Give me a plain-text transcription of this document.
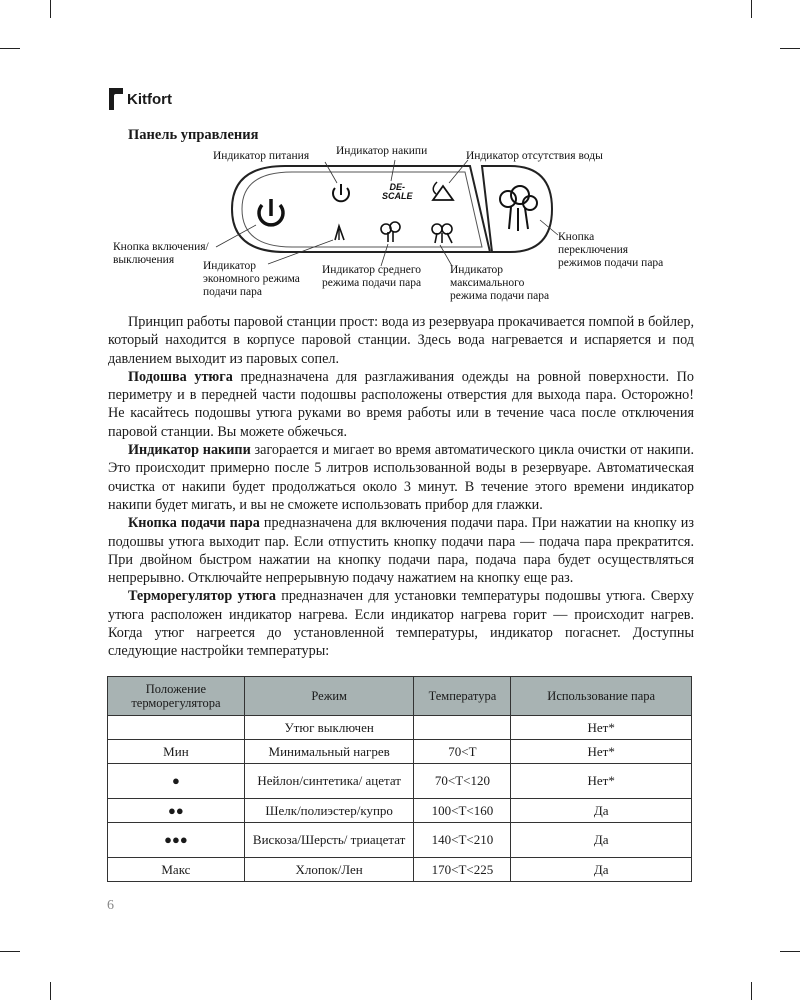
Kitfort
Панель управления
DE-
SCALE
Индикатор питания Индикатор накипи	Индикатор отсутствия воды
Кнопка включения/
выключения	Индикатор
экономного режима
подачи пара
Индикатор среднего
режима подачи пара
Индикатор
максимального
режима подачи пара
Кнопка
переключения
режимов подачи пара

Принцип работы паровой станции прост: вода из резервуара прокачивается помпой в бойлер, который находится в корпусе паровой станции. Здесь вода нагревается и испаряется и под давлением выходит из паровых сопел.

Подошва утюга предназначена для разглаживания одежды на ровной поверхности. По периметру и в передней части подошвы расположены отверстия для выхода пара. Осторожно! Не касайтесь подошвы утюга руками во время работы или в течение часа после отключения паровой станции. Вы можете обжечься.

Индикатор накипи загорается и мигает во время автоматического цикла очистки от накипи. Это происходит примерно после 5 литров использованной воды в резервуаре. Автоматическая очистка от накипи будет продолжаться около 3 минут. В течение этого времени индикатор накипи будет мигать, и вы не сможете использовать прибор для глажки.

Кнопка подачи пара предназначена для включения подачи пара. При нажатии на кнопку из подошвы утюга выходит пар. Если отпустить кнопку подачи пара — подача пара прекратится. При двойном быстром нажатии на кнопку подачи пара, подача пара будет осуществляться непрерывно. Отключайте непрерывную подачу нажатием на кнопку еще раз.

Терморегулятор утюга предназначен для установки температуры подошвы утюга. Сверху утюга расположен индикатор нагрева. Если индикатор нагрева горит — происходит нагрев. Когда утюг нагреется до установленной температуры, индикатор погаснет. Доступны следующие настройки температуры:

Положение терморегулятора	Режим	Температура	Использование пара
	Утюг выключен		Нет*
Мин	Минимальный нагрев	70<T	Нет*
●	Нейлон/синтетика/ ацетат	70<T<120	Нет*
●●	Шелк/полиэстер/купро	100<T<160	Да
●●●	Вискоза/Шерсть/ триацетат	140<T<210	Да
Макс	Хлопок/Лен	170<T<225	Да
6
